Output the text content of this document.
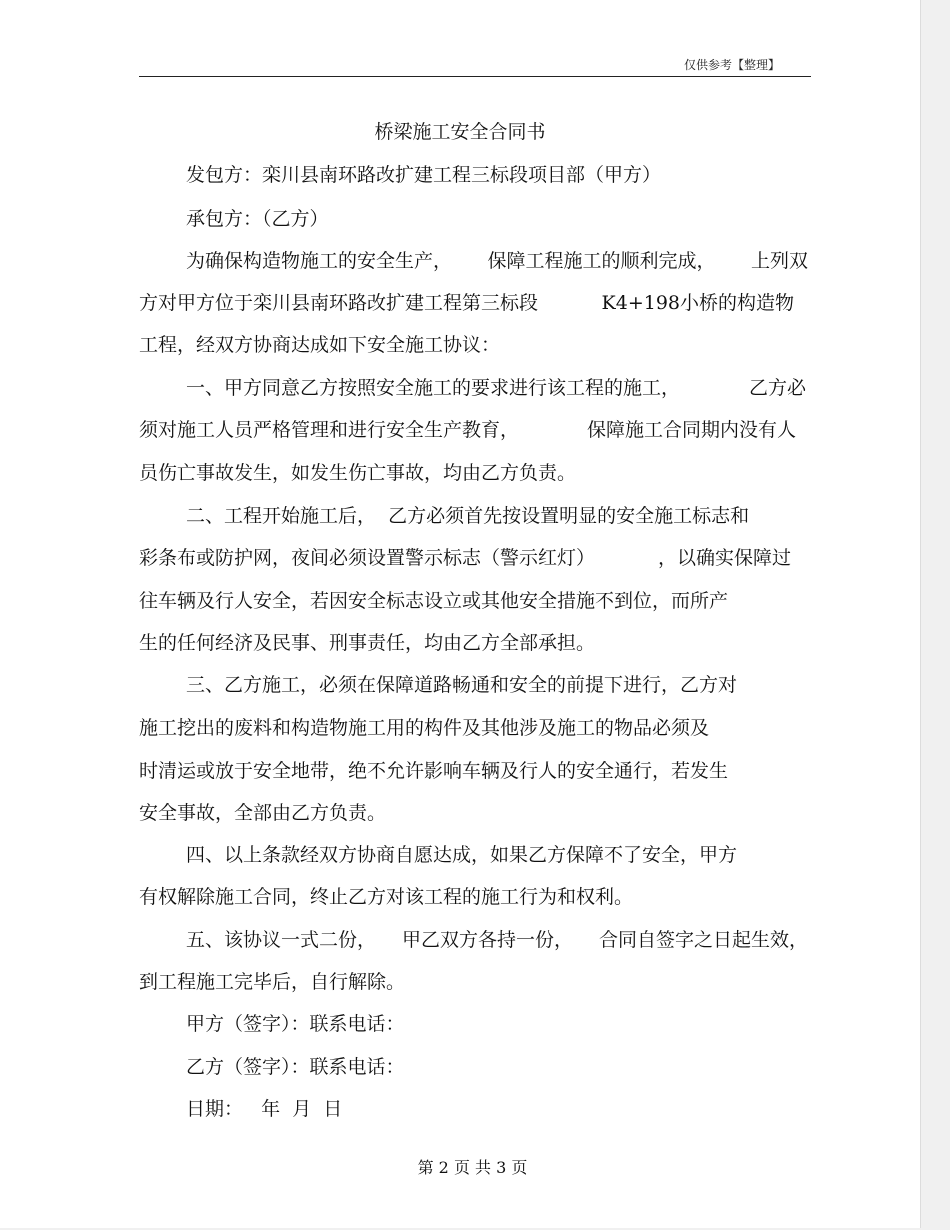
仅供参考【整理】
桥梁施工安全合同书
发包方：栾川县南环路改扩建工程三标段项目部（甲方）
承包方：（乙方）
为确保构造物施工的安全生产， 保障工程施工的顺利完成， 上列双
方对甲方位于栾川县南环路改扩建工程第三标段	K4+198小桥的构造物
工程，经双方协商达成如下安全施工协议：
一、甲方同意乙方按照安全施工的要求进行该工程的施工，	乙方必
须对施工人员严格管理和进行安全生产教育，	保障施工合同期内没有人
员伤亡事故发生，如发生伤亡事故，均由乙方负责。
二、工程开始施工后，  乙方必须首先按设置明显的安全施工标志和
彩条布或防护网，夜间必须设置警示标志（警示红灯）	，以确实保障过
往车辆及行人安全，若因安全标志设立或其他安全措施不到位，而所产
生的任何经济及民事、刑事责任，均由乙方全部承担。
三、乙方施工，必须在保障道路畅通和安全的前提下进行，乙方对
施工挖出的废料和构造物施工用的构件及其他涉及施工的物品必须及
时清运或放于安全地带，绝不允许影响车辆及行人的安全通行，若发生
安全事故，全部由乙方负责。
四、以上条款经双方协商自愿达成，如果乙方保障不了安全，甲方
有权解除施工合同，终止乙方对该工程的施工行为和权利。
五、该协议一式二份， 甲乙双方各持一份， 合同自签字之日起生效，
到工程施工完毕后，自行解除。
甲方（签字）：联系电话：
乙方（签字）：联系电话：
日期：   年  月  日
第 2 页 共 3 页
